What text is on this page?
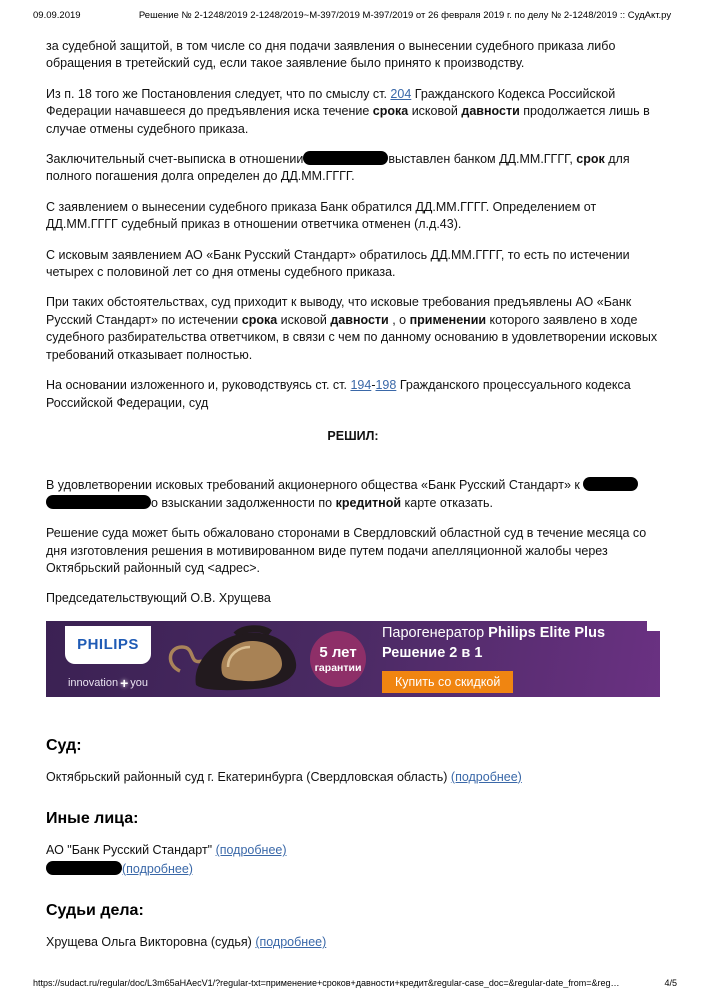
09.09.2019	Решение № 2-1248/2019 2-1248/2019~М-397/2019 М-397/2019 от 26 февраля 2019 г. по делу № 2-1248/2019 :: СудАкт.ру

за судебной защитой, в том числе со дня подачи заявления о вынесении судебного приказа либо обращения в третейский суд, если такое заявление было принято к производству.

Из п. 18 того же Постановления следует, что по смыслу ст. 204 Гражданского Кодекса Российской Федерации начавшееся до предъявления иска течение срока исковой давности продолжается лишь в случае отмены судебного приказа.

Заключительный счет-выписка в отношении	выставлен банком ДД.ММ.ГГГГ, срок для полного погашения долга определен до ДД.ММ.ГГГГ.

С заявлением о вынесении судебного приказа Банк обратился ДД.ММ.ГГГГ. Определением от ДД.ММ.ГГГГ судебный приказ в отношении ответчика отменен (л.д.43).

С исковым заявлением АО «Банк Русский Стандарт» обратилось ДД.ММ.ГГГГ, то есть по истечении четырех с половиной лет со дня отмены судебного приказа.

При таких обстоятельствах, суд приходит к выводу, что исковые требования предъявлены АО «Банк Русский Стандарт» по истечении срока исковой давности , о применении которого заявлено в ходе судебного разбирательства ответчиком, в связи с чем по данному основанию в удовлетворении исковых требований отказывает полностью.

На основании изложенного и, руководствуясь ст. ст. 194-198 Гражданского процессуального кодекса Российской Федерации, суд

РЕШИЛ:

В удовлетворении исковых требований акционерного общества «Банк Русский Стандарт» к  о взыскании задолженности по кредитной карте отказать.

Решение суда может быть обжаловано сторонами в Свердловский областной суд в течение месяца со дня изготовления решения в мотивированном виде путем подачи апелляционной жалобы через Октябрьский районный суд <адрес>.

Председательствующий О.В. Хрущева

PHILIPS
innovation + you
5 лет
гарантии
Парогенератор Philips Elite Plus
Решение 2 в 1
Купить со скидкой
Суд:
Октябрьский районный суд г. Екатеринбурга (Свердловская область) (подробнее)
Иные лица:
АО "Банк Русский Стандарт" (подробнее)
(подробнее)
Судьи дела:
Хрущева Ольга Викторовна (судья) (подробнее)
https://sudact.ru/regular/doc/L3m65aHAecV1/?regular-txt=применение+сроков+давности+кредит&regular-case_doc=&regular-date_from=&reg…	4/5
